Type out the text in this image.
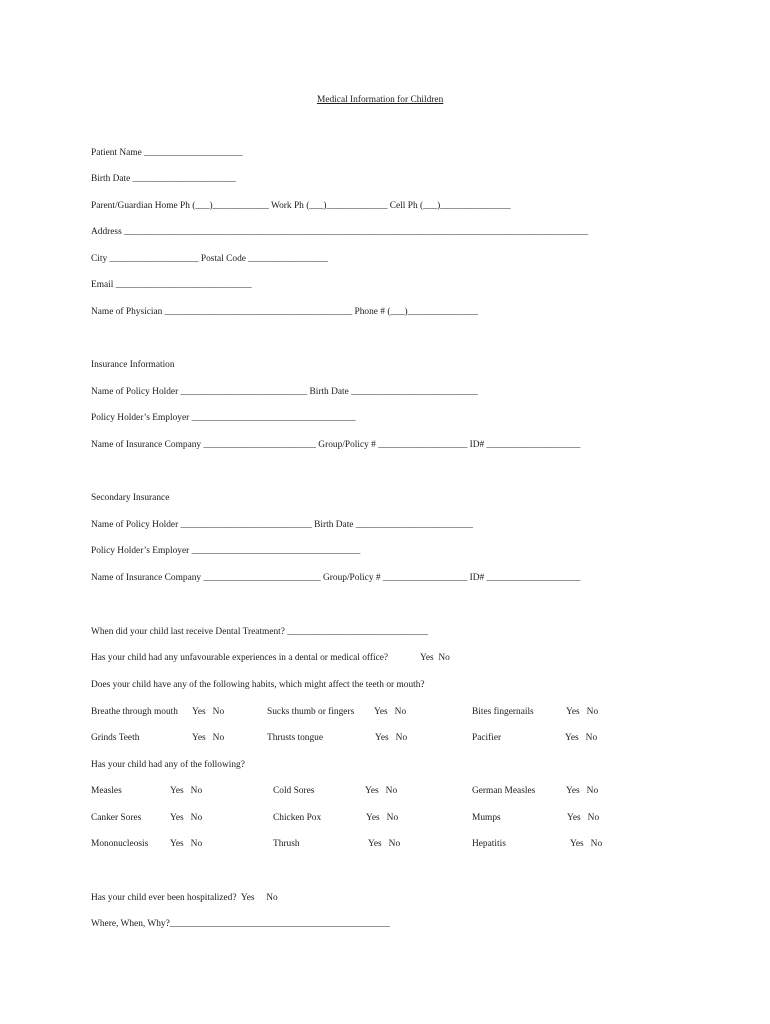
Medical Information for Children
Patient Name _____________________
Birth Date ______________________
Parent/Guardian Home Ph (___)____________ Work Ph (___)_____________ Cell Ph (___)_______________
Address ___________________________________________________________________________________________________
City ___________________ Postal Code _________________
Email _____________________________
Name of Physician ________________________________________ Phone # (___)_______________
Insurance Information
Name of Policy Holder ___________________________ Birth Date ___________________________
Policy Holder’s Employer ___________________________________
Name of Insurance Company ________________________ Group/Policy # ___________________ ID# ____________________
Secondary Insurance
Name of Policy Holder ____________________________ Birth Date _________________________
Policy Holder’s Employer ____________________________________
Name of Insurance Company _________________________ Group/Policy # __________________ ID# ____________________
When did your child last receive Dental Treatment? ______________________________
Has your child had any unfavourable experiences in a dental or medical office?	Yes  No
Does your child have any of the following habits, which might affect the teeth or mouth?
Breathe through mouth Yes   No	Sucks thumb or fingers Yes   No	Bites fingernails	Yes   No
Grinds Teeth	Yes   No	Thrusts tongue	Yes   No	Pacifier	Yes   No
Has your child had any of the following?
Measles	Yes   No	Cold Sores	Yes   No	German Measles	Yes   No
Canker Sores	Yes   No	Chicken Pox	Yes   No	Mumps	Yes   No
Mononucleosis Yes   No	Thrush	Yes   No	Hepatitis	Yes   No
Has your child ever been hospitalized?  Yes     No
Where, When, Why?_______________________________________________
